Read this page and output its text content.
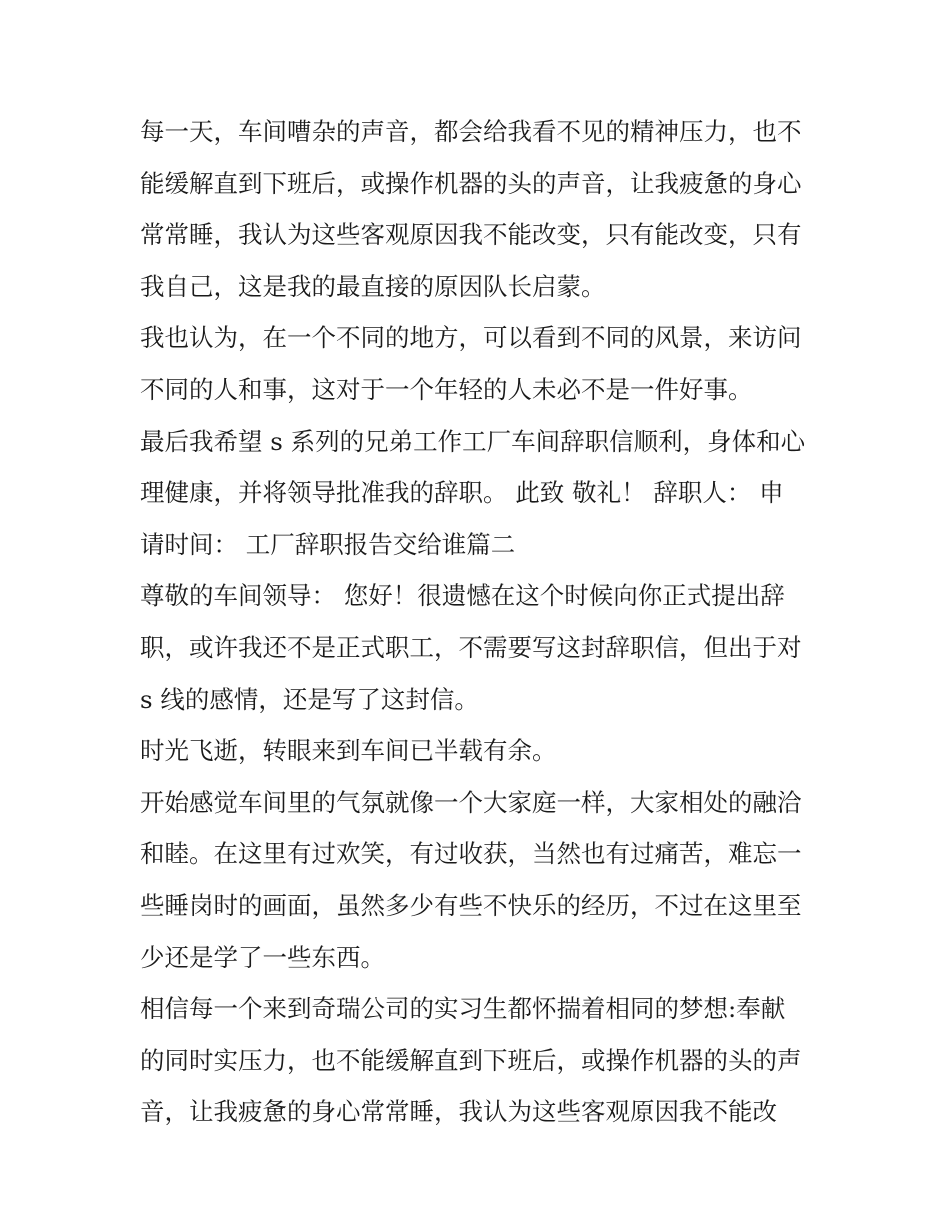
每一天，车间嘈杂的声音，都会给我看不见的精神压力，也不
能缓解直到下班后，或操作机器的头的声音，让我疲惫的身心
常常睡，我认为这些客观原因我不能改变，只有能改变，只有
我自己，这是我的最直接的原因队长启蒙。
我也认为，在一个不同的地方，可以看到不同的风景，来访问
不同的人和事，这对于一个年轻的人未必不是一件好事。
最后我希望 s 系列的兄弟工作工厂车间辞职信顺利，身体和心
理健康，并将领导批准我的辞职。 此致 敬礼！ 辞职人： 申
请时间： 工厂辞职报告交给谁篇二
尊敬的车间领导： 您好！很遗憾在这个时候向你正式提出辞
职，或许我还不是正式职工，不需要写这封辞职信，但出于对
s 线的感情，还是写了这封信。
时光飞逝，转眼来到车间已半载有余。
开始感觉车间里的气氛就像一个大家庭一样，大家相处的融洽
和睦。在这里有过欢笑，有过收获，当然也有过痛苦，难忘一
些睡岗时的画面，虽然多少有些不快乐的经历，不过在这里至
少还是学了一些东西。
相信每一个来到奇瑞公司的实习生都怀揣着相同的梦想:奉献
的同时实压力，也不能缓解直到下班后，或操作机器的头的声
音，让我疲惫的身心常常睡，我认为这些客观原因我不能改
